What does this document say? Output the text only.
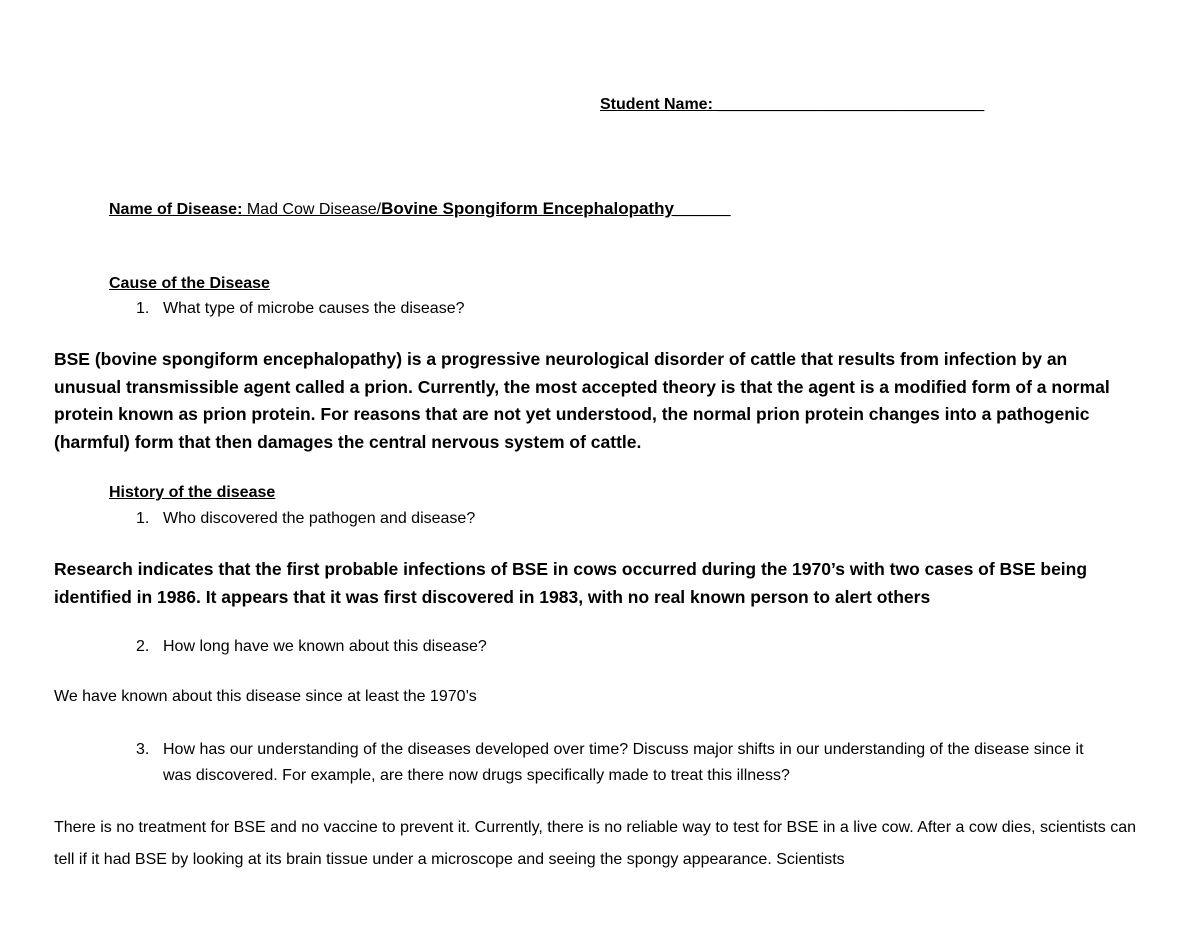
Student Name: ______________________________
Name of Disease: Mad Cow Disease/Bovine Spongiform Encephalopathy______
Cause of the Disease
1. What type of microbe causes the disease?
BSE (bovine spongiform encephalopathy) is a progressive neurological disorder of cattle that results from infection by an unusual transmissible agent called a prion. Currently, the most accepted theory is that the agent is a modified form of a normal protein known as prion protein. For reasons that are not yet understood, the normal prion protein changes into a pathogenic (harmful) form that then damages the central nervous system of cattle.
History of the disease
1. Who discovered the pathogen and disease?
Research indicates that the first probable infections of BSE in cows occurred during the 1970’s with two cases of BSE being identified in 1986. It appears that it was first discovered in 1983, with no real known person to alert others
2. How long have we known about this disease?
We have known about this disease since at least the 1970’s
3. How has our understanding of the diseases developed over time? Discuss major shifts in our understanding of the disease since it was discovered. For example, are there now drugs specifically made to treat this illness?
There is no treatment for BSE and no vaccine to prevent it. Currently, there is no reliable way to test for BSE in a live cow. After a cow dies, scientists can tell if it had BSE by looking at its brain tissue under a microscope and seeing the spongy appearance. Scientists
